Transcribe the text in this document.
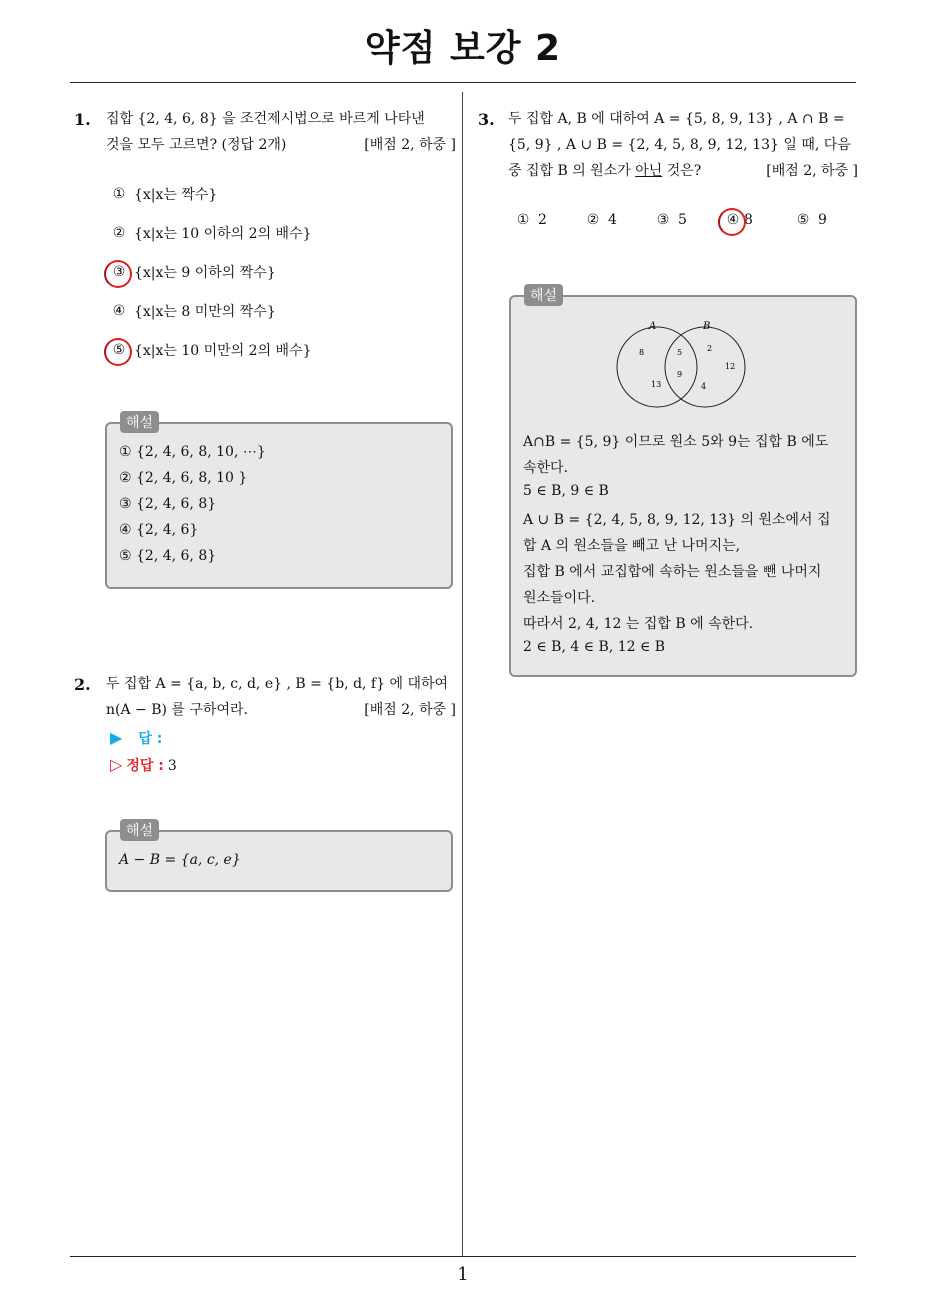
약점 보강 2
1. 집합 {2, 4, 6, 8} 을 조건제시법으로 바르게 나타낸
것을 모두 고르면? (정답 2개)	[배점 2, 하중 ]
① {x|x는 짝수}
② {x|x는 10 이하의 2의 배수}
③ {x|x는 9 이하의 짝수}
④ {x|x는 8 미만의 짝수}
⑤ {x|x는 10 미만의 2의 배수}
① {2, 4, 6, 8, 10, ⋯}
② {2, 4, 6, 8, 10 }
③ {2, 4, 6, 8}
④ {2, 4, 6}
⑤ {2, 4, 6, 8}
해설
2. 두 집합 A = {a, b, c, d, e} , B = {b, d, f} 에 대하여
n(A − B) 를 구하여라.	[배점 2, 하중 ]
▶ 답 :
▷ 정답 : 3
A − B = {a, c, e}
해설
3. 두 집합 A, B 에 대하여 A = {5, 8, 9, 13} , A ∩ B =
{5, 9} , A ∪ B = {2, 4, 5, 8, 9, 12, 13} 일 때, 다음
중 집합 B 의 원소가 아닌 것은?	[배점 2, 하중 ]
① 2	② 4	③ 5	④ 8	⑤ 9
A	B
8
13
5
9
2
12
4
A∩B = {5, 9} 이므로 원소 5와 9는 집합 B 에도
속한다.
5 ∈ B, 9 ∈ B
A ∪ B = {2, 4, 5, 8, 9, 12, 13} 의 원소에서 집
합 A 의 원소들을 빼고 난 나머지는,
집합 B 에서 교집합에 속하는 원소들을 뺀 나머지
원소들이다.
따라서 2, 4, 12 는 집합 B 에 속한다.
2 ∈ B, 4 ∈ B, 12 ∈ B
해설
1
